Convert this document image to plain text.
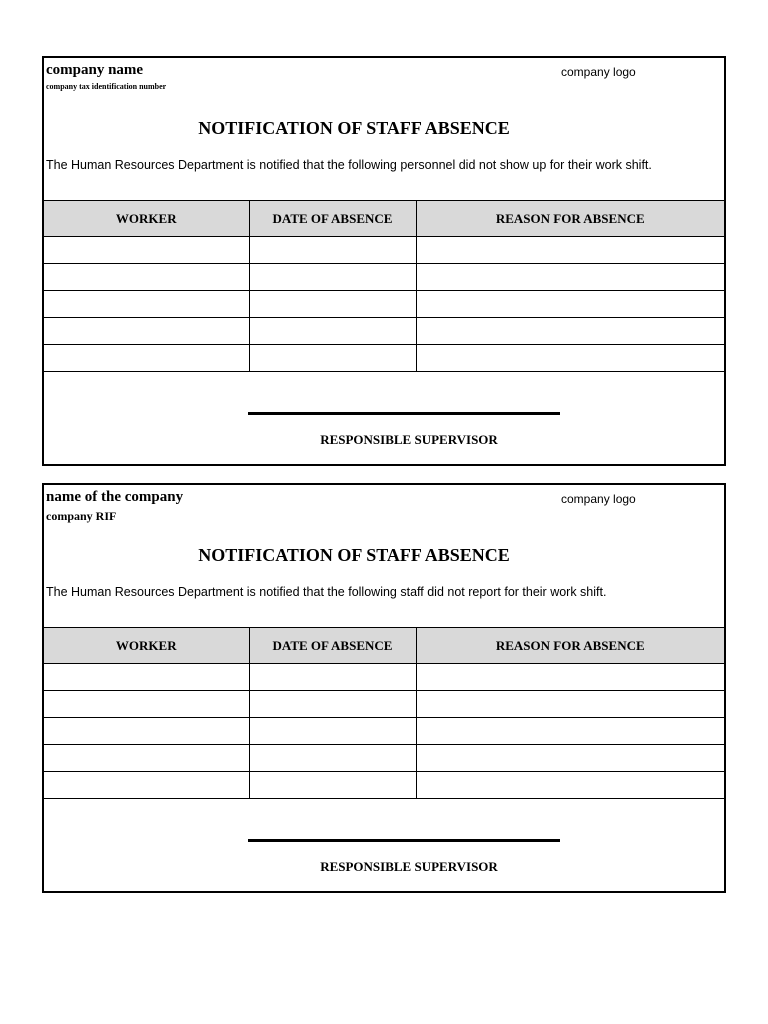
company name
company tax identification number
company logo
NOTIFICATION OF STAFF ABSENCE
The Human Resources Department is notified that the following personnel did not show up for their work shift.
WORKER	DATE OF ABSENCE	REASON FOR ABSENCE

RESPONSIBLE SUPERVISOR
name of the company
company RIF
company logo
NOTIFICATION OF STAFF ABSENCE
The Human Resources Department is notified that the following staff did not report for their work shift.
WORKER	DATE OF ABSENCE	REASON FOR ABSENCE

RESPONSIBLE SUPERVISOR
